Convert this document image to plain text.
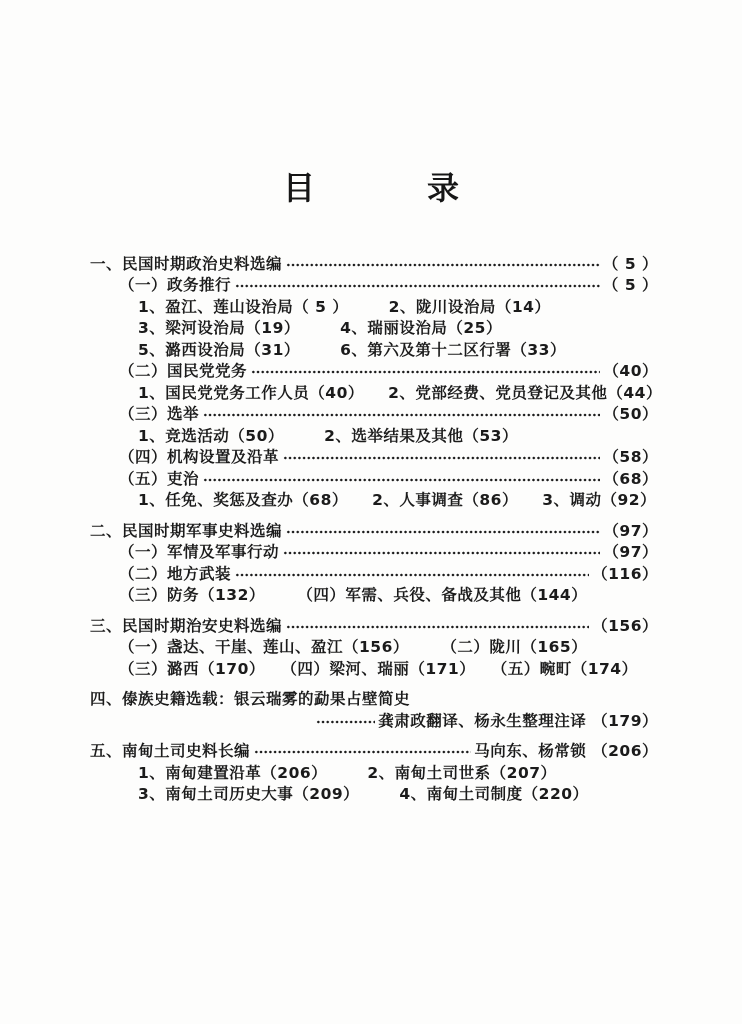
目	录
一、民国时期政治史料选编	（ 5 ）
（一）政务推行	（ 5 ）
1、盈江、莲山设治局（ 5 ）　　　2、陇川设治局（14）
3、梁河设治局（19）　　　4、瑞丽设治局（25）
5、潞西设治局（31）　　　6、第六及第十二区行署（33）
（二）国民党党务	（40）
1、国民党党务工作人员（40）　　2、党部经费、党员登记及其他（44）
（三）选举	（50）
1、竞选活动（50）　　　2、选举结果及其他（53）
（四）机构设置及沿革	（58）
（五）吏治	（68）
1、任免、奖惩及查办（68）　　2、人事调查（86）　　3、调动（92）
二、民国时期军事史料选编	（97）
（一）军情及军事行动	（97）
（二）地方武装	（116）
（三）防务（132）　　　（四）军需、兵役、备战及其他（144）
三、民国时期治安史料选编	（156）
（一）盏达、干崖、莲山、盈江（156）　　　（二）陇川（165）
（三）潞西（170）　　（四）梁河、瑞丽（171）　　（五）畹町（174）
四、傣族史籍选载：银云瑞雾的勐果占壁简史
龚肃政翻译、杨永生整理注译 （179）
五、南甸土司史料长编	马向东、杨常锁 （206）
1、南甸建置沿革（206）　　　2、南甸土司世系（207）
3、南甸土司历史大事（209）　　　4、南甸土司制度（220）
